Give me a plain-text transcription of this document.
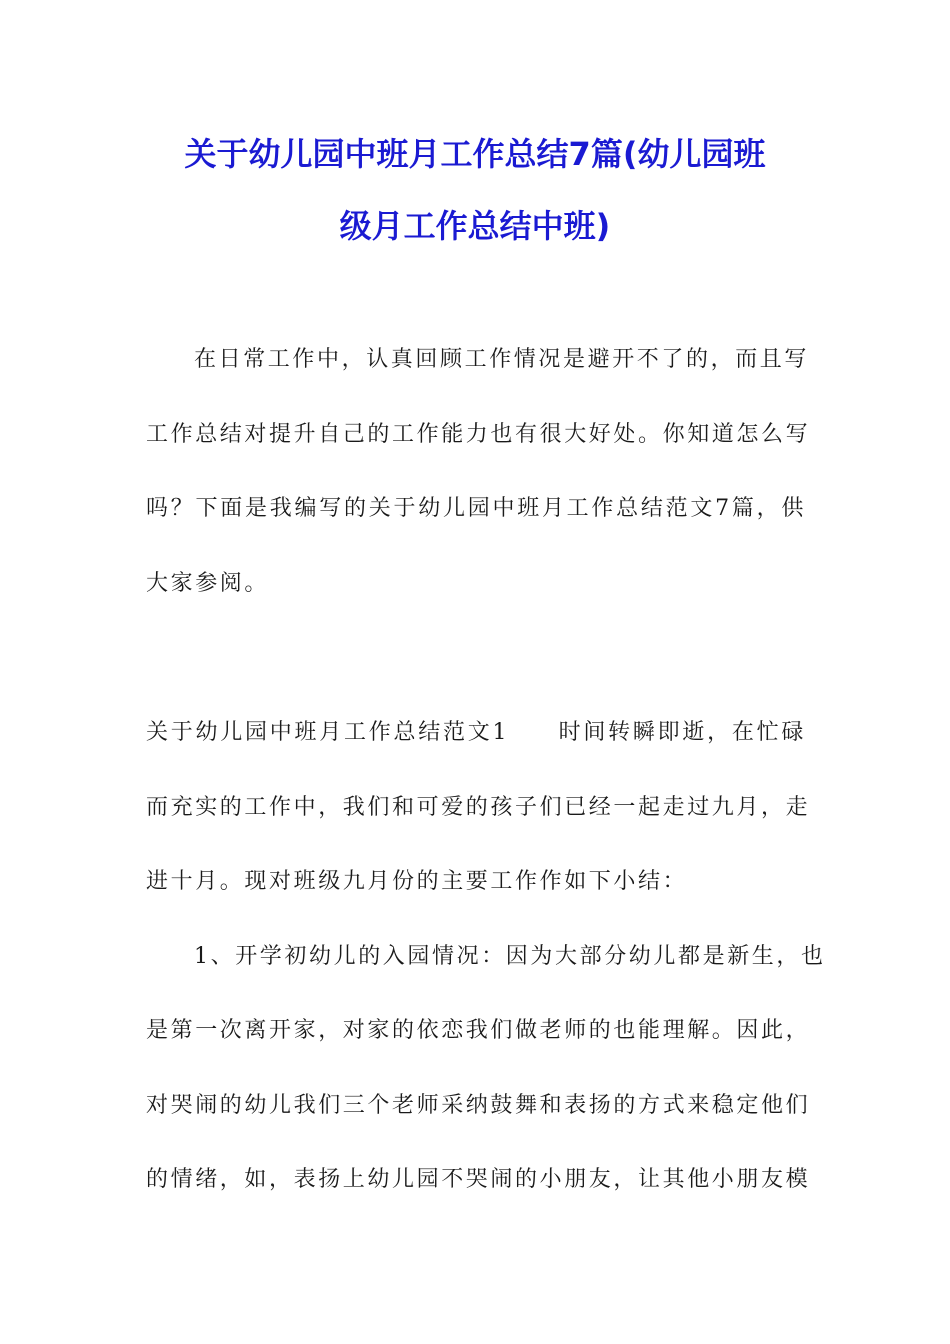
关于幼儿园中班月工作总结7篇(幼儿园班
级月工作总结中班)
在日常工作中，认真回顾工作情况是避开不了的，而且写
工作总结对提升自己的工作能力也有很大好处。你知道怎么写
吗？下面是我编写的关于幼儿园中班月工作总结范文7篇，供
大家参阅。
关于幼儿园中班月工作总结范文1　　时间转瞬即逝，在忙碌
而充实的工作中，我们和可爱的孩子们已经一起走过九月，走
进十月。现对班级九月份的主要工作作如下小结：
1、开学初幼儿的入园情况：因为大部分幼儿都是新生，也
是第一次离开家，对家的依恋我们做老师的也能理解。因此，
对哭闹的幼儿我们三个老师采纳鼓舞和表扬的方式来稳定他们
的情绪，如，表扬上幼儿园不哭闹的小朋友，让其他小朋友模
